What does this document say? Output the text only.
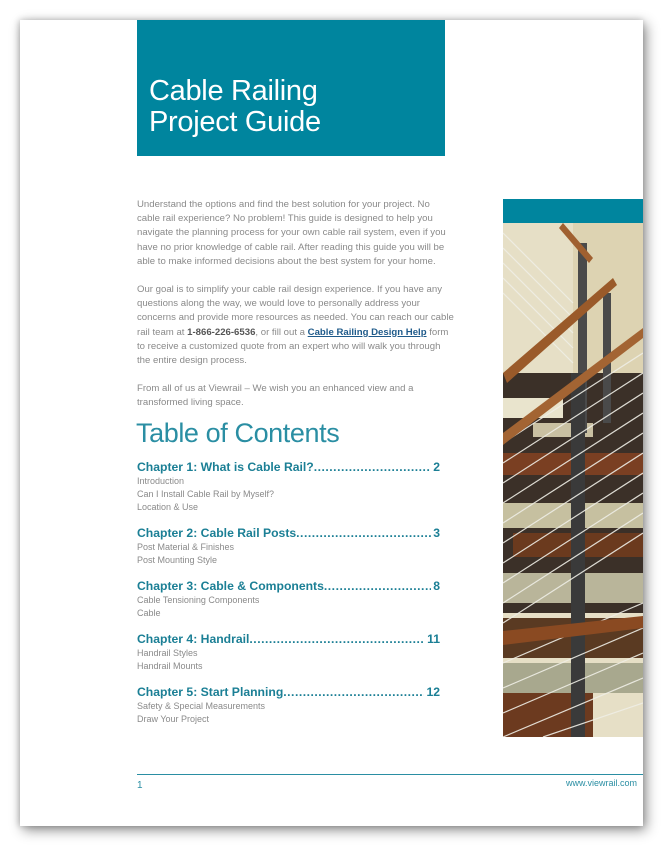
Cable Railing
Project Guide

Understand the options and find the best solution for your project. No cable rail experience? No problem! This guide is designed to help you navigate the planning process for your own cable rail system, even if you have no prior knowledge of cable rail. After reading this guide you will be able to make informed decisions about the best system for your home.

Our goal is to simplify your cable rail design experience. If you have any questions along the way, we would love to personally address your concerns and provide more resources as needed. You can reach our cable rail team at 1-866-226-6536, or fill out a Cable Railing Design Help form to receive a customized quote from an expert who will walk you through the entire design process.

From all of us at Viewrail – We wish you an enhanced view and a transformed living space.

Table of Contents
Chapter 1: What is Cable Rail? .....	2
Introduction
Can I Install Cable Rail by Myself?
Location & Use
Chapter 2: Cable Rail Posts .....	3
Post Material & Finishes
Post Mounting Style
Chapter 3: Cable & Components .....	8
Cable Tensioning Components
Cable
Chapter 4: Handrail .....	11
Handrail Styles
Handrail Mounts
Chapter 5: Start Planning .....	12
Safety & Special Measurements
Draw Your Project
1	www.viewrail.com
